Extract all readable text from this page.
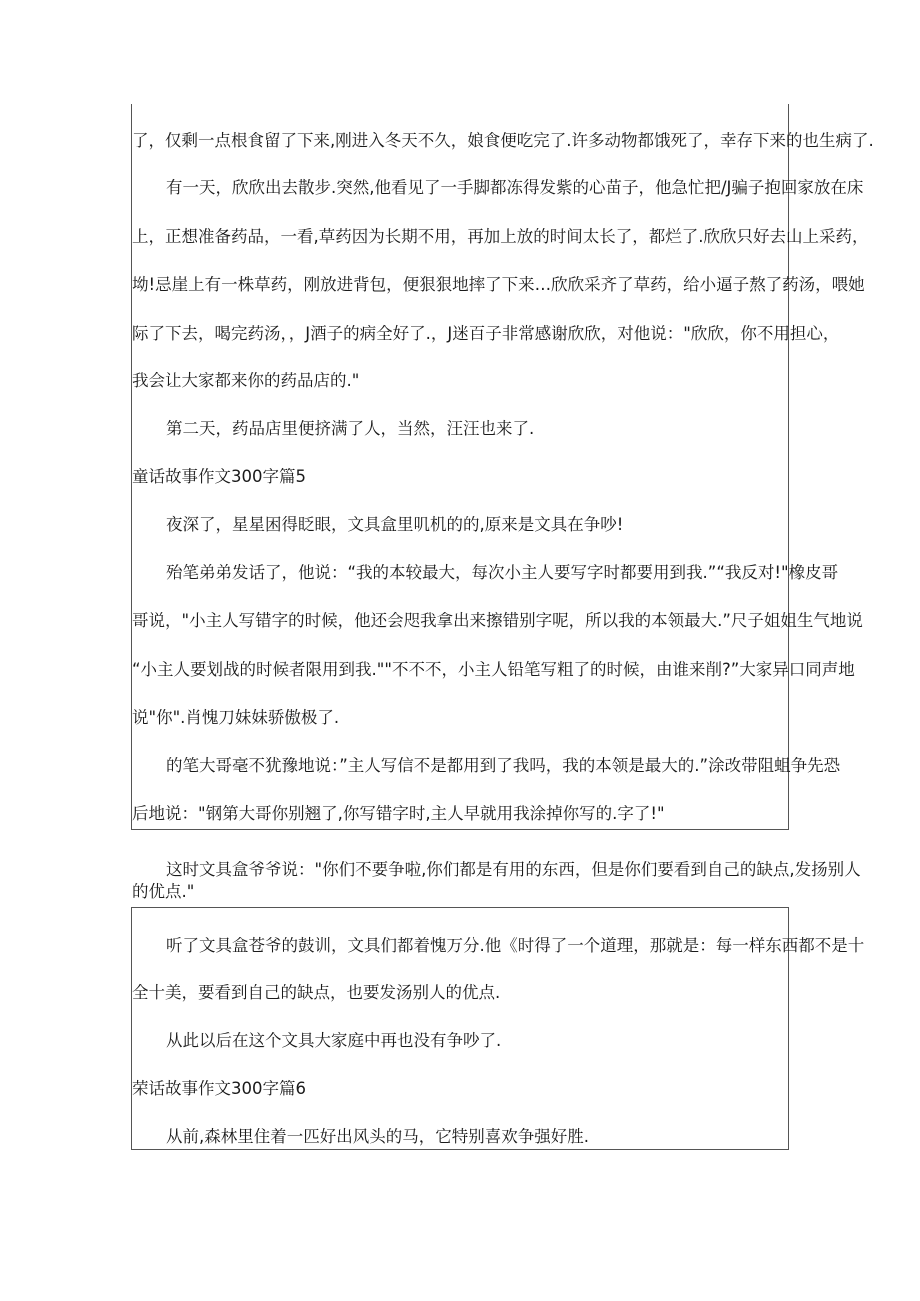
了，仅剩一点根食留了下来,刚进入冬天不久，娘食便吃完了.许多动物都饿死了，幸存下来的也生病了.
有一天，欣欣出去散步.突然,他看见了一手脚都冻得发紫的心苗子，他急忙把/J骗子抱回家放在床
上，正想准备药品，一看,草药因为长期不用，再加上放的时间太长了，都烂了.欣欣只好去山上采药，
坳!忌崖上有一株草药，刚放进背包，便狠狠地摔了下来…欣欣采齐了草药，给小逼子熬了药汤，喂她
际了下去，喝完药汤，，J酒子的病全好了.，J迷百子非常感谢欣欣，对他说："欣欣，你不用担心，
我会让大家都来你的药品店的."
第二天，药品店里便挤满了人，当然，汪汪也来了.
童话故事作文300字篇5
夜深了，星星困得眨眼，文具盒里叽机的的,原来是文具在争吵!
殆笔弟弟发话了，他说：“我的本较最大，每次小主人要写字时都要用到我.”“我反对!"橡皮哥
哥说，"小主人写错字的时候，他还会咫我拿出来擦错别字呢，所以我的本领最大.”尺子姐姐生气地说
“小主人要划战的时候者限用到我.""不不不，小主人铅笔写粗了的时候，由谁来削?”大家异口同声地
说"你".肖愧刀妹妹骄傲极了.
的笔大哥毫不犹豫地说：”主人写信不是都用到了我吗，我的本领是最大的.”涂改带阻蛆争先恐
后地说："钢第大哥你别翘了,你写错字时,主人早就用我涂掉你写的.字了!"
这时文具盒爷爷说："你们不要争啦,你们都是有用的东西，但是你们要看到自己的缺点,发扬别人
的优点."
听了文具盒苍爷的鼓训，文具们都着愧万分.他《时得了一个道理，那就是：每一样东西都不是十
全十美，要看到自己的缺点，也要发汤别人的优点.
从此以后在这个文具大家庭中再也没有争吵了.
荣话故事作文300字篇6
从前,森林里住着一匹好出风头的马，它特别喜欢争强好胜.
